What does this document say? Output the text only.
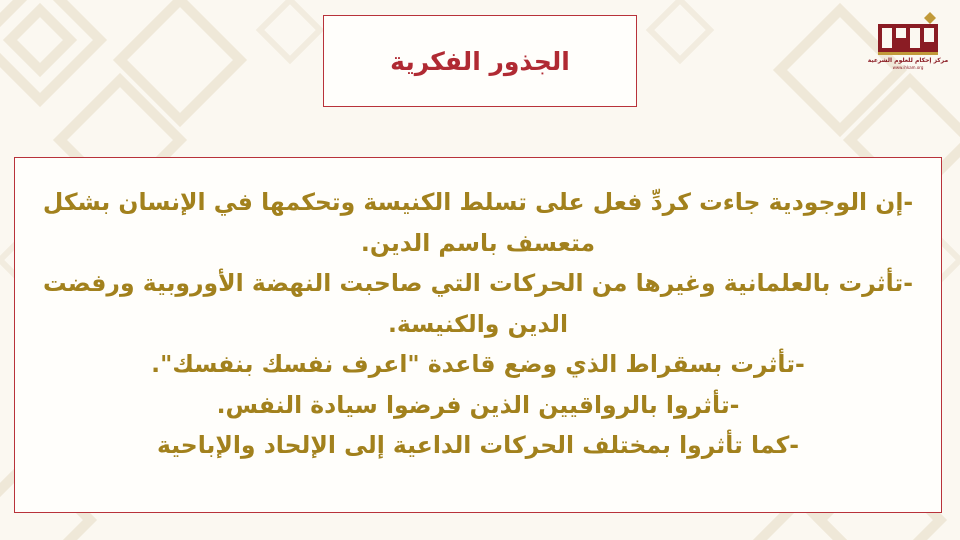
الجذور الفكرية	مركز إحكام للعلوم الشرعية
www.ihkam.org
-إن الوجودية جاءت كردِّ فعل على تسلط الكنيسة وتحكمها في الإنسان بشكل متعسف باسم الدين.
-تأثرت بالعلمانية وغيرها من الحركات التي صاحبت النهضة الأوروبية ورفضت الدين والكنيسة.
-تأثرت بسقراط الذي وضع قاعدة "اعرف نفسك بنفسك".
-تأثروا بالرواقيين الذين فرضوا سيادة النفس.
-كما تأثروا بمختلف الحركات الداعية إلى الإلحاد والإباحية
